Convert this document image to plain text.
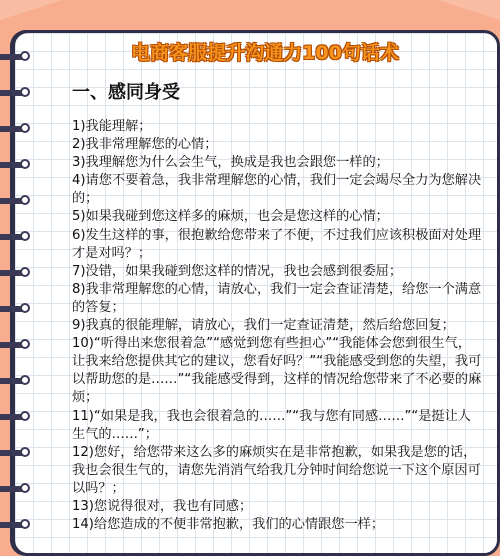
电商客服提升沟通力100句话术
一、感同身受

1)我能理解；

2)我非常理解您的心情；

3)我理解您为什么会生气，换成是我也会跟您一样的；

4)请您不要着急，我非常理解您的心情，我们一定会竭尽全力为您解决的；

5)如果我碰到您这样多的麻烦，也会是您这样的心情；

6)发生这样的事，很抱歉给您带来了不便，不过我们应该积极面对处理才是对吗？；

7)没错，如果我碰到您这样的情况，我也会感到很委屈；

8)我非常理解您的心情，请放心，我们一定会查证清楚，给您一个满意的答复；

9)我真的很能理解，请放心，我们一定查证清楚，然后给您回复；

10)“听得出来您很着急”“感觉到您有些担心”“我能体会您到很生气，让我来给您提供其它的建议，您看好吗？”“我能感受到您的失望，我可以帮助您的是……”“我能感受得到，这样的情况给您带来了不必要的麻烦；

11)“如果是我，我也会很着急的……”“我与您有同感……”“是挺让人生气的……”；

12)您好，给您带来这么多的麻烦实在是非常抱歉，如果我是您的话，我也会很生气的，请您先消消气给我几分钟时间给您说一下这个原因可以吗？；

13)您说得很对，我也有同感；

14)给您造成的不便非常抱歉，我们的心情跟您一样；
